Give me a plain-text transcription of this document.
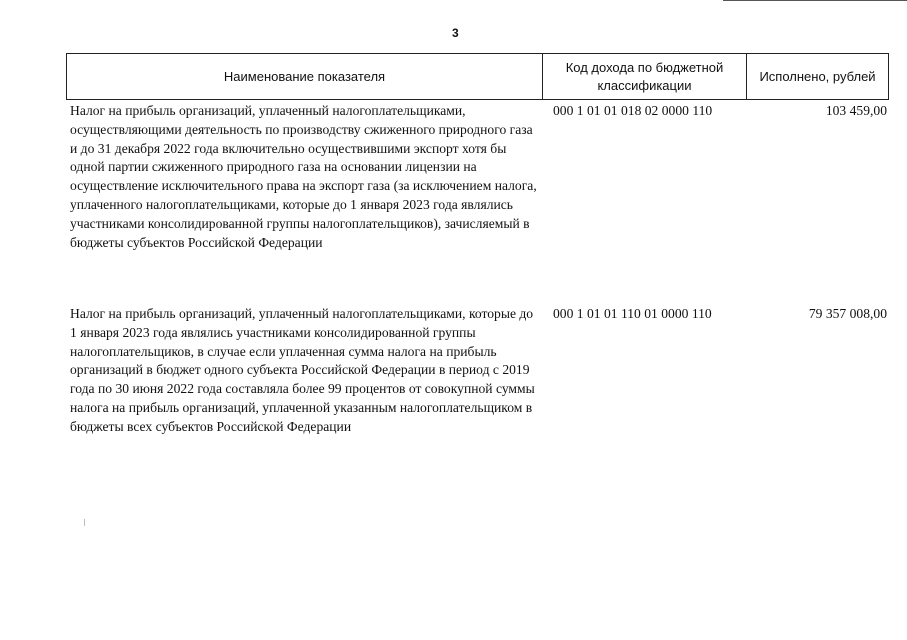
3
Наименование показателя
Код дохода по бюджетной классификации
Исполнено, рублей
Налог на прибыль организаций, уплаченный налогоплательщиками, осуществляющими деятельность по производству сжиженного природного газа и до 31 декабря 2022 года включительно осуществившими экспорт хотя бы одной партии сжиженного природного газа на основании лицензии на осуществление исключительного права на экспорт газа (за исключением налога, уплаченного налогоплательщиками, которые до 1 января 2023 года являлись участниками консолидированной группы налогоплательщиков), зачисляемый в бюджеты субъектов Российской Федерации
000 1 01 01 018 02 0000 110	103 459,00
Налог на прибыль организаций, уплаченный налогоплательщиками, которые до 1 января 2023 года являлись участниками консолидированной группы налогоплательщиков, в случае если уплаченная сумма налога на прибыль организаций в бюджет одного субъекта Российской Федерации в период с 2019 года по 30 июня 2022 года составляла более 99 процентов от совокупной суммы налога на прибыль организаций, уплаченной указанным налогоплательщиком в бюджеты всех субъектов Российской Федерации
000 1 01 01 110 01 0000 110	79 357 008,00
